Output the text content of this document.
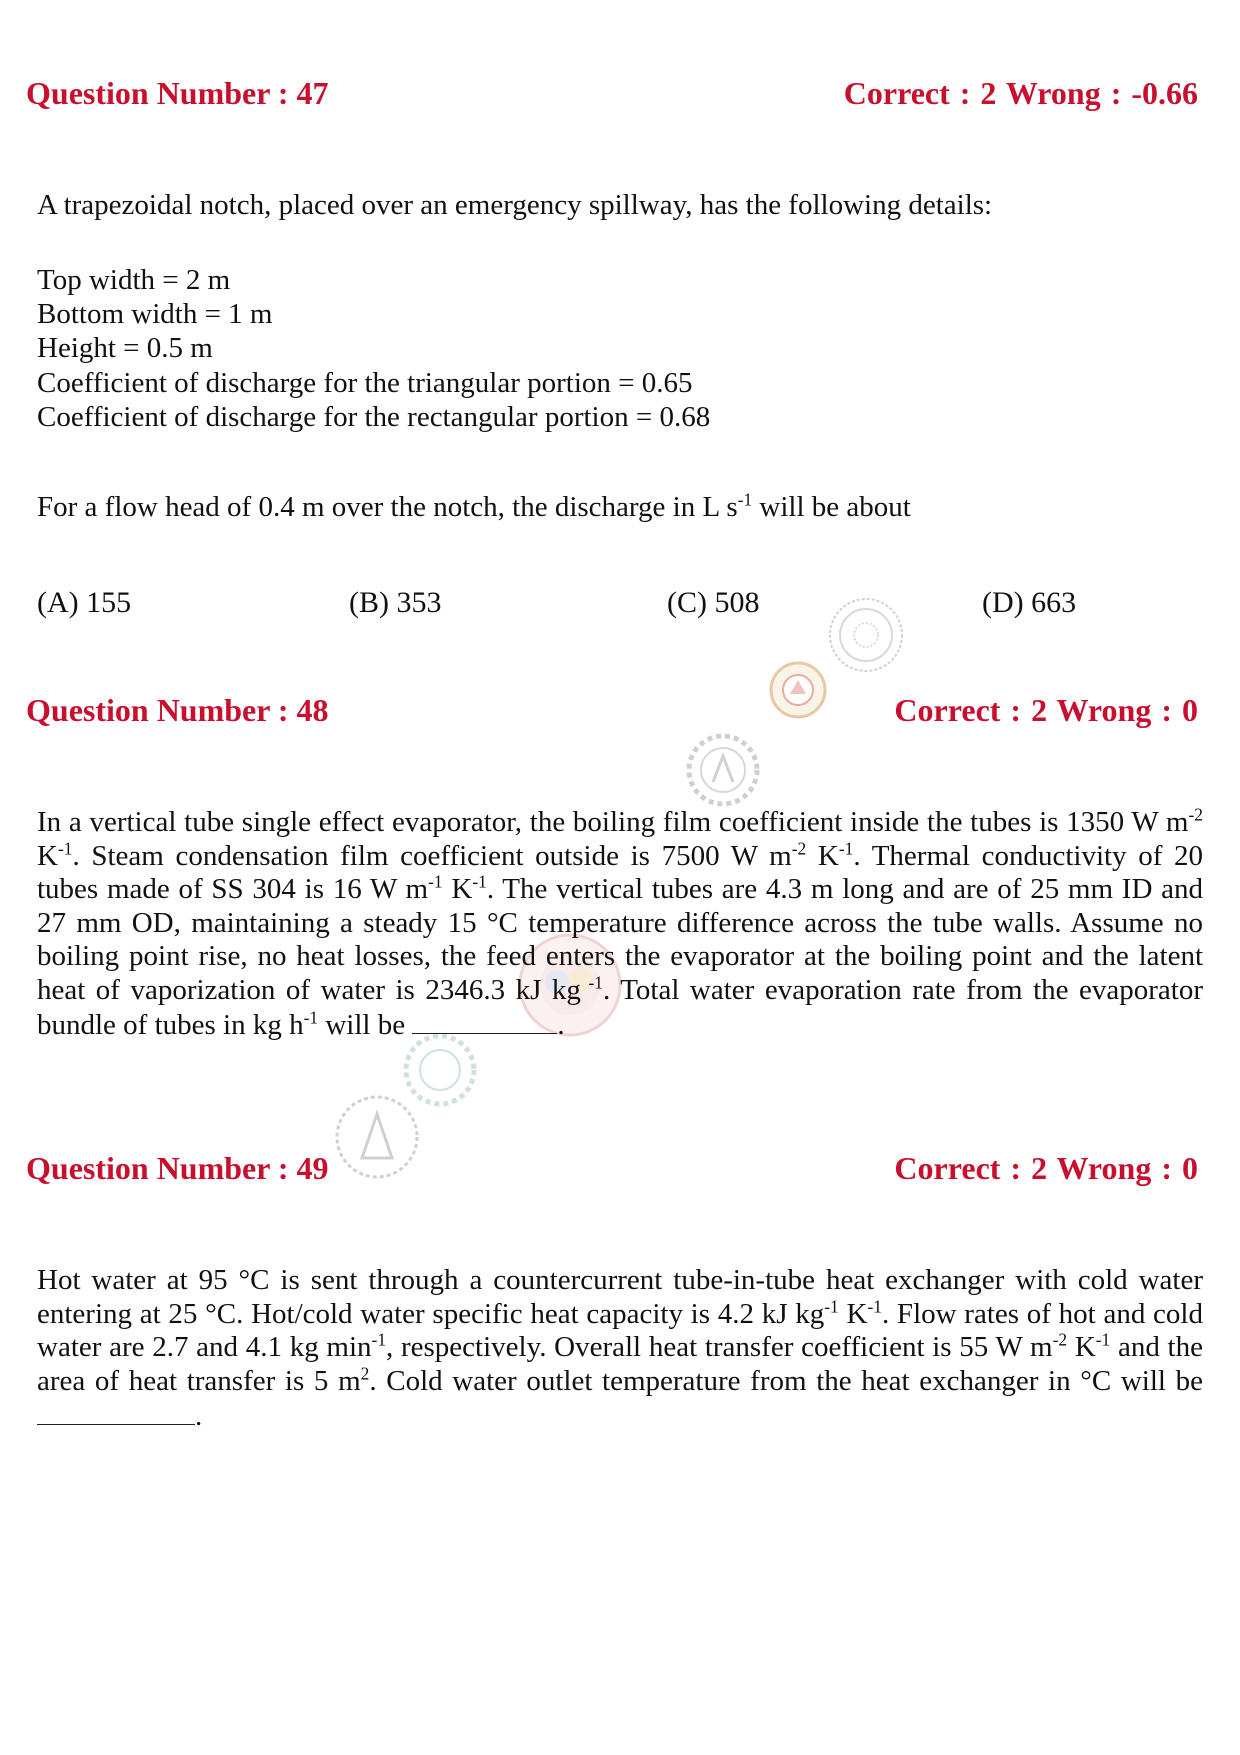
Question Number : 47	Correct : 2 Wrong : -0.66
A trapezoidal notch, placed over an emergency spillway, has the following details:
Top width = 2 m
Bottom width = 1 m
Height = 0.5 m
Coefficient of discharge for the triangular portion = 0.65
Coefficient of discharge for the rectangular portion = 0.68
For a flow head of 0.4 m over the notch, the discharge in L $s^{-1}$ will be about
(A) 155	(B) 353	(C) 508	(D) 663
Question Number : 48	Correct : 2 Wrong : 0
In a vertical tube single effect evaporator, the boiling film coefficient inside the tubes is 1350 W $m^{-2}$ $K^{-1}$. Steam condensation film coefficient outside is 7500 W $m^{-2}$ $K^{-1}$. Thermal conductivity of 20 tubes made of SS 304 is 16 W $m^{-1}$ $K^{-1}$. The vertical tubes are 4.3 m long and are of 25 mm ID and 27 mm OD, maintaining a steady 15 °C temperature difference across the tube walls. Assume no boiling point rise, no heat losses, the feed enters the evaporator at the boiling point and the latent heat of vaporization of water is 2346.3 kJ kg $^{-1}$. Total water evaporation rate from the evaporator bundle of tubes in kg $h^{-1}$ will be	.
Question Number : 49	Correct : 2 Wrong : 0
Hot water at 95 °C is sent through a countercurrent tube-in-tube heat exchanger with cold water entering at 25 °C. Hot/cold water specific heat capacity is 4.2 kJ $kg^{-1}$ $K^{-1}$. Flow rates of hot and cold water are 2.7 and 4.1 kg $\min^{-1}$, respectively. Overall heat transfer coefficient is 55 W $m^{-2}$ $K^{-1}$ and the area of heat transfer is 5 $m^2$. Cold water outlet temperature from the heat exchanger in °C will be .
